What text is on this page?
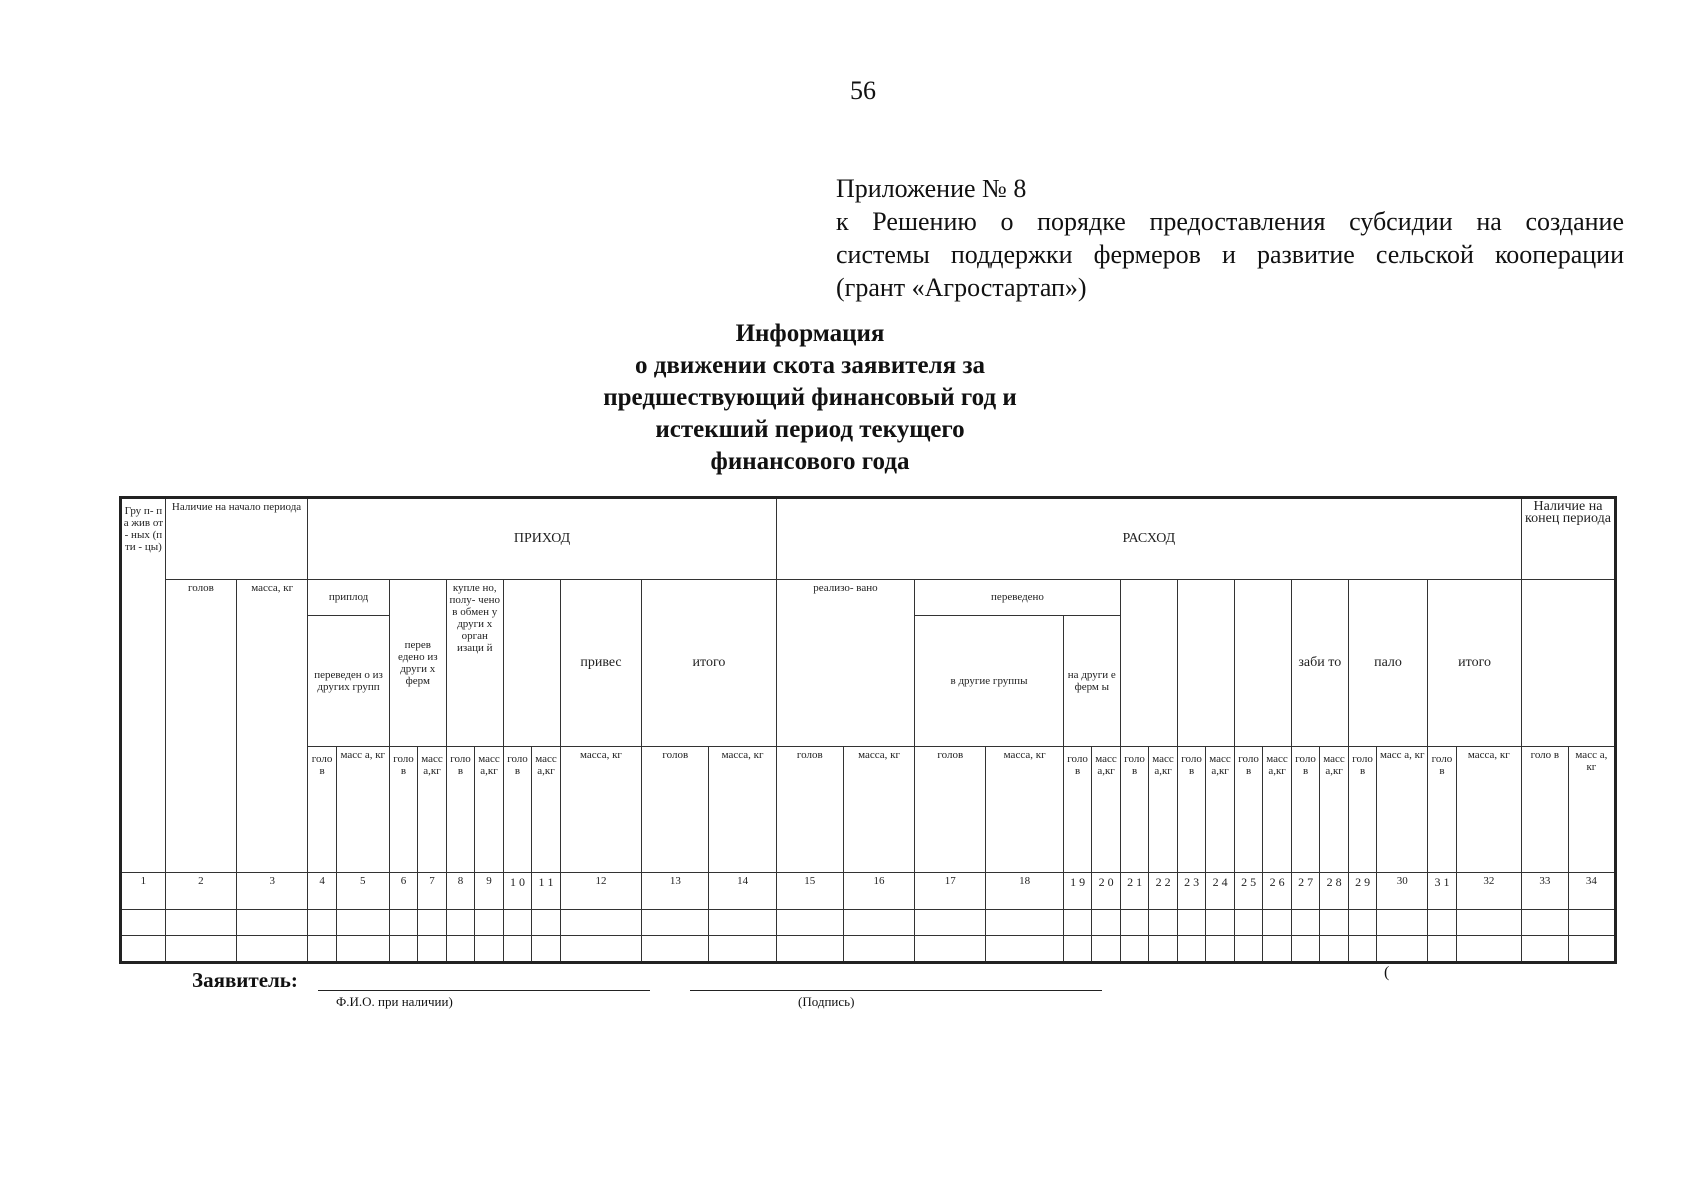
56
Приложение № 8
к Решению о порядке предоставления субсидии на создание
системы поддержки фермеров и развитие сельской кооперации
(грант «Агростартап»)
Информация
о движении скота заявителя за
предшествующий финансовый год и
истекший период текущего
финансового года
Гру п- па жив от- ных (пти - цы)	Наличие на начало периода		ПРИХОД											РАСХОД																		Наличие на конец периода	
	голов	масса, кг	приплод		перев едено из други х ферм		купле но, полу- чено в обмен у други х орган изаци й				привес	итого		реализо- вано		переведено										заби то		пало		итого			
			переведен о из других групп													в другие группы		на други е ферм ы															
			голов	масс а, кг	голов	масса,кг	голов	масса,кг	голов	масса,кг	масса, кг	голов	масса, кг	голов	масса, кг	голов	масса, кг	голов	масса,кг	голов	масса,кг	голов	масса,кг	голов	масса,кг	голов	масса,кг	голов	масс а, кг	голов	масса, кг	голо в	масс а, кг
1	2	3	4	5	6	7	8	9	1 0	1 1	12	13	14	15	16	17	18	1 9	2 0	2 1	2 2	2 3	2 4	2 5	2 6	2 7	2 8	2 9	30	3 1	32	33	34

Заявитель:
Ф.И.О. при наличии)	(Подпись)
(
